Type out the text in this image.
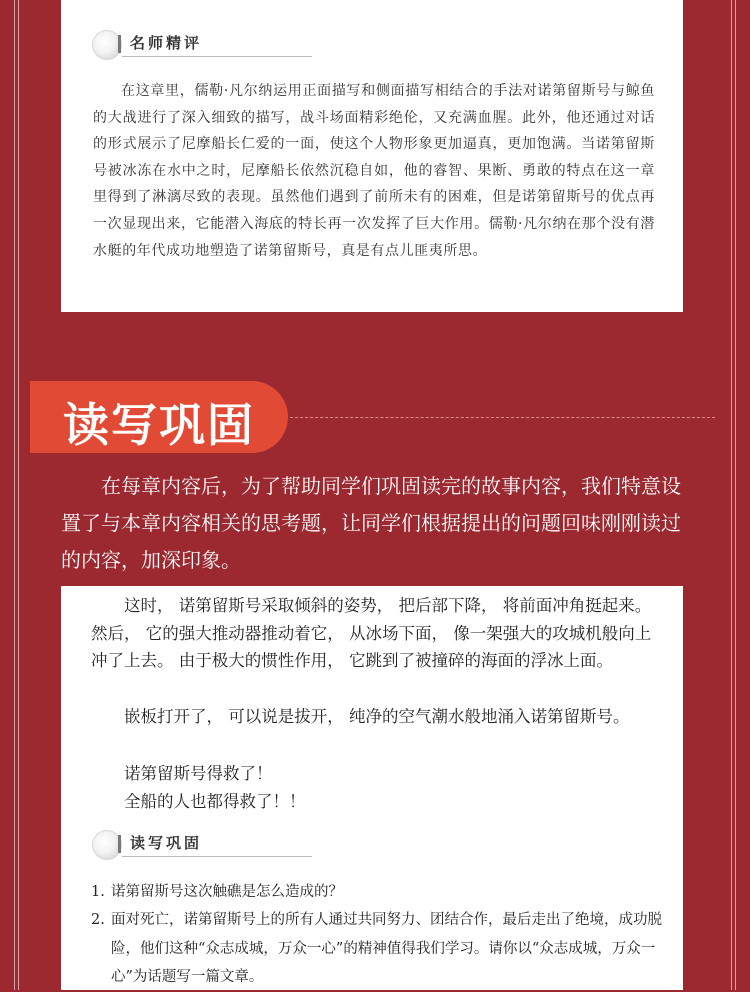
名师精评

在这章里，儒勒·凡尔纳运用正面描写和侧面描写相结合的手法对诺第留斯号与鲸鱼的大战进行了深入细致的描写，战斗场面精彩绝伦，又充满血腥。此外，他还通过对话的形式展示了尼摩船长仁爱的一面，使这个人物形象更加逼真，更加饱满。当诺第留斯号被冰冻在水中之时，尼摩船长依然沉稳自如，他的睿智、果断、勇敢的特点在这一章里得到了淋漓尽致的表现。虽然他们遇到了前所未有的困难，但是诺第留斯号的优点再一次显现出来，它能潜入海底的特长再一次发挥了巨大作用。儒勒·凡尔纳在那个没有潜水艇的年代成功地塑造了诺第留斯号，真是有点儿匪夷所思。

读写巩固

在每章内容后，为了帮助同学们巩固读完的故事内容，我们特意设置了与本章内容相关的思考题，让同学们根据提出的问题回味刚刚读过的内容，加深印象。

这时， 诺第留斯号采取倾斜的姿势， 把后部下降， 将前面冲角挺起来。 然后， 它的强大推动器推动着它， 从冰场下面， 像一架强大的攻城机般向上冲了上去。 由于极大的惯性作用， 它跳到了被撞碎的海面的浮冰上面。

嵌板打开了， 可以说是拔开， 纯净的空气潮水般地涌入诺第留斯号。

诺第留斯号得救了！

全船的人也都得救了！！

读写巩固

1. 诺第留斯号这次触礁是怎么造成的？

2. 面对死亡，诺第留斯号上的所有人通过共同努力、团结合作，最后走出了绝境，成功脱险，他们这种“众志成城，万众一心”的精神值得我们学习。请你以“众志成城，万众一心”为话题写一篇文章。
